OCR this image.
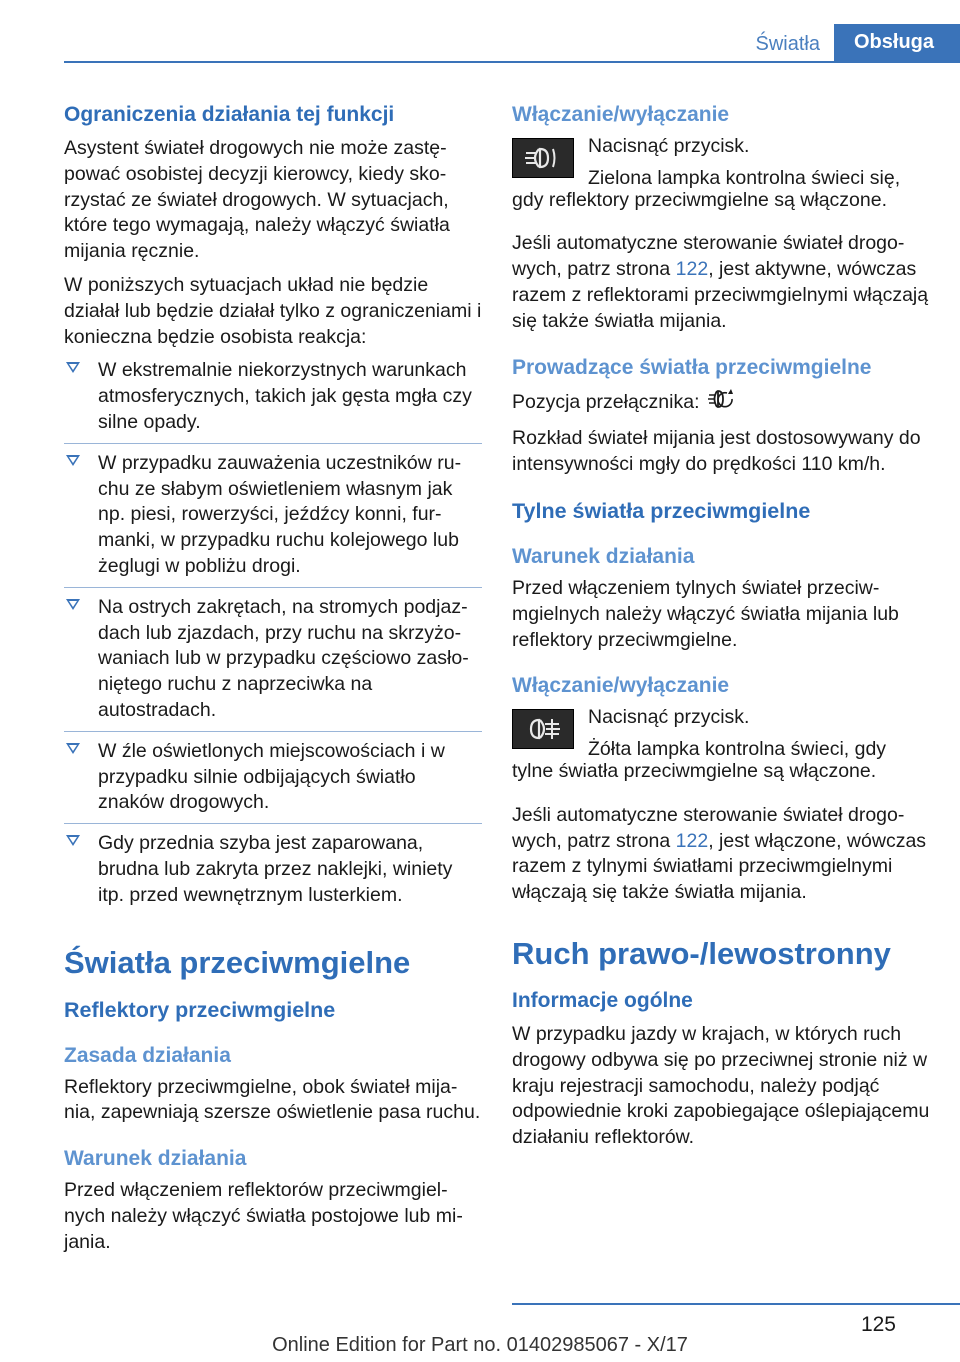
Światła	Obsługa
Ograniczenia działania tej funkcji

Asystent świateł drogowych nie może zastępować osobistej decyzji kierowcy, kiedy skorzystać ze świateł drogowych. W sytuacjach, które tego wymagają, należy włączyć światła mijania ręcznie.

W poniższych sytuacjach układ nie będzie działał lub będzie działał tylko z ograniczeniami i konieczna będzie osobista reakcja:

W ekstremalnie niekorzystnych warunkach atmosferycznych, takich jak gęsta mgła czy silne opady.
W przypadku zauważenia uczestników ruchu ze słabym oświetleniem własnym jak np. piesi, rowerzyści, jeźdźcy konni, furmanki, w przypadku ruchu kolejowego lub żeglugi w pobliżu drogi.
Na ostrych zakrętach, na stromych podjazdach lub zjazdach, przy ruchu na skrzyżowaniach lub w przypadku częściowo zasłoniętego ruchu z naprzeciwka na autostradach.
W źle oświetlonych miejscowościach i w przypadku silnie odbijających światło znaków drogowych.
Gdy przednia szyba jest zaparowana, brudna lub zakryta przez naklejki, winiety itp. przed wewnętrznym lusterkiem.
Światła przeciwmgielne
Reflektory przeciwmgielne
Zasada działania

Reflektory przeciwmgielne, obok świateł mijania, zapewniają szersze oświetlenie pasa ruchu.

Warunek działania

Przed włączeniem reflektorów przeciwmgielnych należy włączyć światła postojowe lub mijania.

Włączanie/wyłączanie

Nacisnąć przycisk.

Zielona lampka kontrolna świeci się,

gdy reflektory przeciwmgielne są włączone.

Jeśli automatyczne sterowanie świateł drogowych, patrz strona 122, jest aktywne, wówczas razem z reflektorami przeciwmgielnymi włączają się także światła mijania.

Prowadzące światła przeciwmgielne

Pozycja przełącznika:

Rozkład świateł mijania jest dostosowywany do intensywności mgły do prędkości 110 km/h.

Tylne światła przeciwmgielne
Warunek działania

Przed włączeniem tylnych świateł przeciwmgielnych należy włączyć światła mijania lub reflektory przeciwmgielne.

Włączanie/wyłączanie

Nacisnąć przycisk.

Żółta lampka kontrolna świeci, gdy

tylne światła przeciwmgielne są włączone.

Jeśli automatyczne sterowanie świateł drogowych, patrz strona 122, jest włączone, wówczas razem z tylnymi światłami przeciwmgielnymi włączają się także światła mijania.

Ruch prawo-/lewostronny
Informacje ogólne

W przypadku jazdy w krajach, w których ruch drogowy odbywa się po przeciwnej stronie niż w kraju rejestracji samochodu, należy podjąć odpowiednie kroki zapobiegające oślepiającemu działaniu reflektorów.

125
Online Edition for Part no. 01402985067 - X/17
